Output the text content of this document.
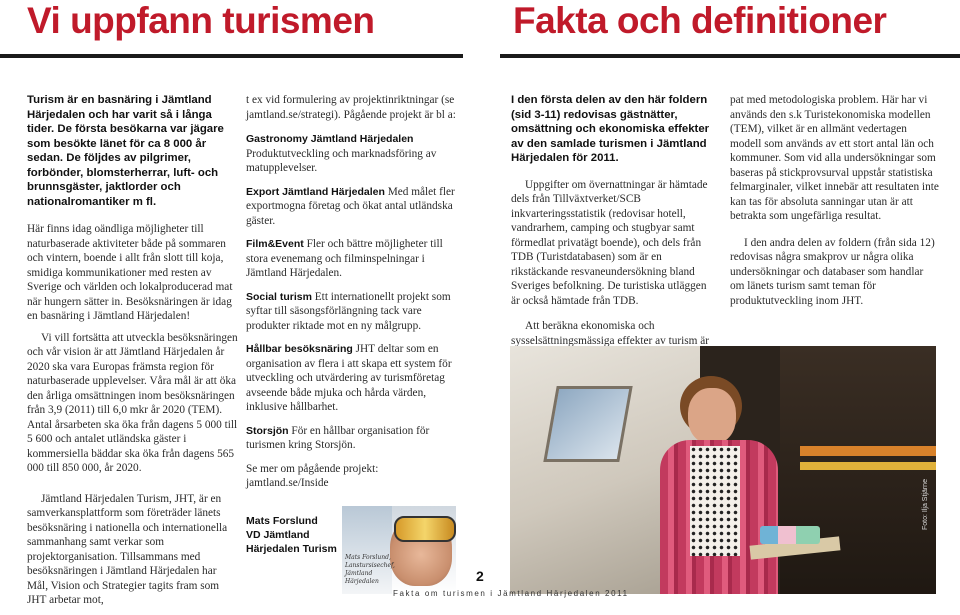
Vi uppfann turismen	Fakta och definitioner

Turism är en basnäring i Jämtland Härjedalen och har varit så i långa tider. De första besökarna var jägare som besökte länet för ca 8 000 år sedan. De följdes av pilgrimer, forbönder, blomsterherrar, luft- och brunnsgäster, jaktlorder och nationalromantiker m fl.

Här finns idag oändliga möjligheter till naturbaserade aktiviteter både på sommaren och vintern, boende i allt från slott till koja, smidiga kommunikationer med resten av Sverige och världen och lokalproducerad mat när hungern sätter in. Besöksnäringen är idag en basnäring i Jämtland Härjedalen!

Vi vill fortsätta att utveckla besöksnäringen och vår vision är att Jämtland Härjedalen år 2020 ska vara Europas främsta region för naturbaserade upplevelser. Våra mål är att öka den årliga omsättningen inom besöksnäringen från 3,9 (2011) till 6,0 mkr år 2020 (TEM). Antal årsarbeten ska öka från dagens 5 000 till 5 600 och antalet utländska gäster i kommersiella bäddar ska öka från dagens 565 000 till 850 000, år 2020.

Jämtland Härjedalen Turism, JHT, är en samverkansplattform som företräder länets besöksnäring i nationella och internationella sammanhang samt verkar som projektorganisation. Tillsammans med besöksnäringen i Jämtland Härjedalen har Mål, Vision och Strategier tagits fram som JHT arbetar mot,

t ex vid formulering av projektinriktningar (se jamtland.se/strategi). Pågående projekt är bl a:

Gastronomy Jämtland Härjedalen Produktutveckling och marknadsföring av matupplevelser.

Export Jämtland Härjedalen Med målet fler exportmogna företag och ökat antal utländska gäster.

Film&Event Fler och bättre möjligheter till stora evenemang och filminspelningar i Jämtland Härjedalen.

Social turism Ett internationellt projekt som syftar till säsongsförlängning tack vare produkter riktade mot en ny målgrupp.

Hållbar besöksnäring JHT deltar som en organisation av flera i att skapa ett system för utveckling och utvärdering av turismföretag avseende både mjuka och hårda värden, inklusive hållbarhet.

Storsjön För en hållbar organisation för turismen kring Storsjön.

Se mer om pågående projekt: jamtland.se/Inside

Mats Forslund
VD Jämtland
Härjedalen Turism
Mats Forslund, Lanstursisechef, Jämtland Härjedalen

I den första delen av den här foldern (sid 3-11) redovisas gästnätter, omsättning och ekonomiska effekter av den samlade turismen i Jämtland Härjedalen för 2011.

Uppgifter om övernattningar är hämtade dels från Tillväxtverket/SCB inkvarteringsstatistik (redovisar hotell, vandrarhem, camping och stugbyar samt förmedlat privatägt boende), och dels från TDB (Turistdatabasen) som är en rikstäckande resvaneundersökning bland Sveriges befolkning. De turistiska utläggen är också hämtade från TDB.

Att beräkna ekonomiska och sysselsättningsmässiga effekter av turism är

pat med metodologiska problem. Här har vi används den s.k Turistekonomiska modellen (TEM), vilket är en allmänt vedertagen modell som används av ett stort antal län och kommuner. Som vid alla undersökningar som baseras på stickprovsurval uppstår statistiska felmarginaler, vilket innebär att resultaten inte kan tas för absoluta sanningar utan är att betrakta som ungefärliga resultat.

I den andra delen av foldern (från sida 12) redovisas några smakprov ur några olika undersökningar och databaser som handlar om länets turism samt teman för produktutveckling inom JHT.

Foto: Ilja Stjärne
2
Fakta om turismen i Jämtland Härjedalen 2011
